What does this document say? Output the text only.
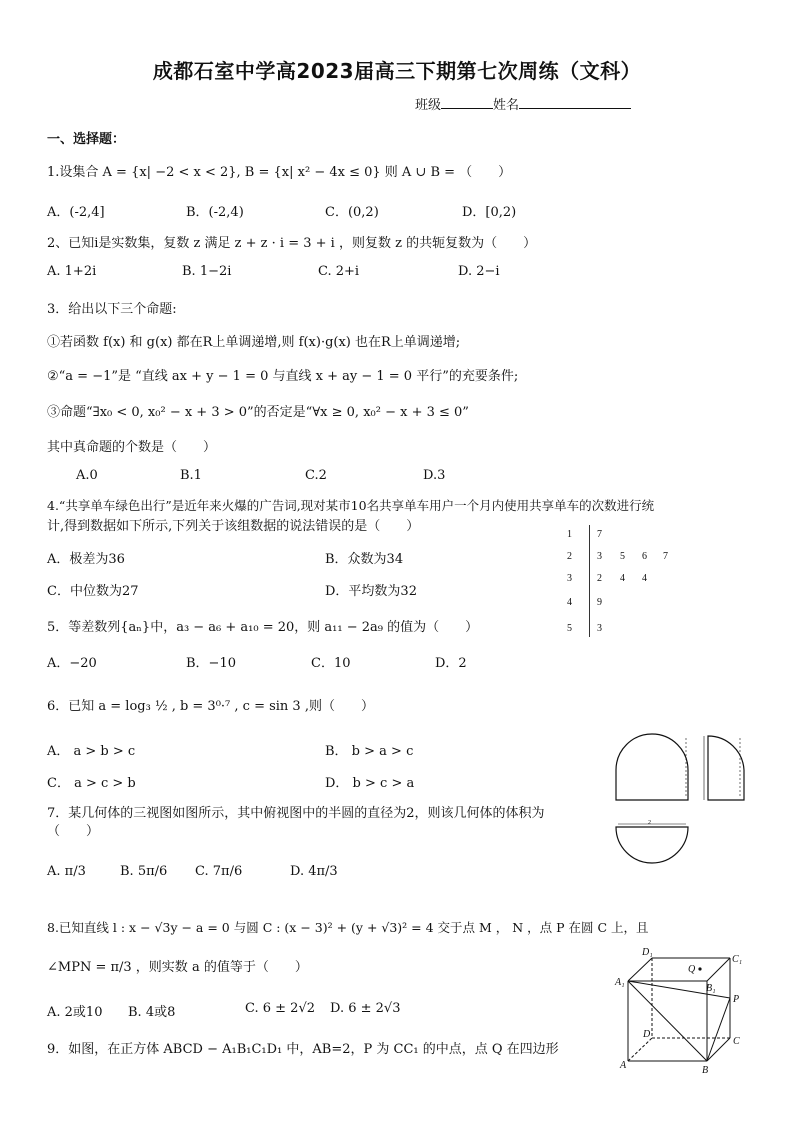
成都石室中学高2023届高三下期第七次周练（文科）
班级	姓名
一、选择题：
1.设集合 A = {x| −2 < x < 2}, B = {x| x² − 4x ≤ 0} 则 A ∪ B = （　　）
A．(-2,4]	B．(-2,4)	C．(0,2)	D．[0,2)
2、已知i是实数集，复数 z 满足 z + z · i = 3 + i ，则复数 z 的共轭复数为（　　）
A. 1+2i	B. 1−2i	C. 2+i	D. 2−i
3．给出以下三个命题:
①若函数 f(x) 和 g(x) 都在R上单调递增,则 f(x)·g(x) 也在R上单调递增;
②“a = −1”是 “直线 ax + y − 1 = 0 与直线 x + ay − 1 = 0 平行”的充要条件;
③命题“∃x₀ < 0, x₀² − x + 3 > 0”的否定是“∀x ≥ 0, x₀² − x + 3 ≤ 0”
其中真命题的个数是（　　）
A.0	B.1	C.2	D.3
4.“共享单车绿色出行”是近年来火爆的广告词,现对某市10名共享单车用户一个月内使用共享单车的次数进行统
计,得到数据如下所示,下列关于该组数据的说法错误的是（　　）
A．极差为36	B．众数为34
C．中位数为27	D．平均数为32
1	7
2	3 5 6 7
3	2 4 4
4	9
5	3
5．等差数列{aₙ}中，a₃ − a₆ + a₁₀ = 20，则 a₁₁ − 2a₉ 的值为（　　）
A．−20	B．−10	C．10	D．2
6．已知 a = log₃ ½ , b = 3⁰·⁷ , c = sin 3 ,则（　　）
A． a > b > c	B． b > a > c
C． a > c > b	D． b > c > a
2
7．某几何体的三视图如图所示，其中俯视图中的半圆的直径为2，则该几何体的体积为
（　　）
A. π/3	B. 5π/6 C. 7π/6	D. 4π/3
8.已知直线 l : x − √3y − a = 0 与圆 C : (x − 3)² + (y + √3)² = 4 交于点 M ， N ，点 P 在圆 C 上，且
∠MPN = π/3 ，则实数 a 的值等于（　　）
A. 2或10 B. 4或8	C. 6 ± 2√2 D. 6 ± 2√3
9．如图，在正方体 ABCD − A₁B₁C₁D₁ 中，AB=2，P 为 CC₁ 的中点，点 Q 在四边形
A₁
D₁
C₁
B₁
Q
P
D
C
A	B
